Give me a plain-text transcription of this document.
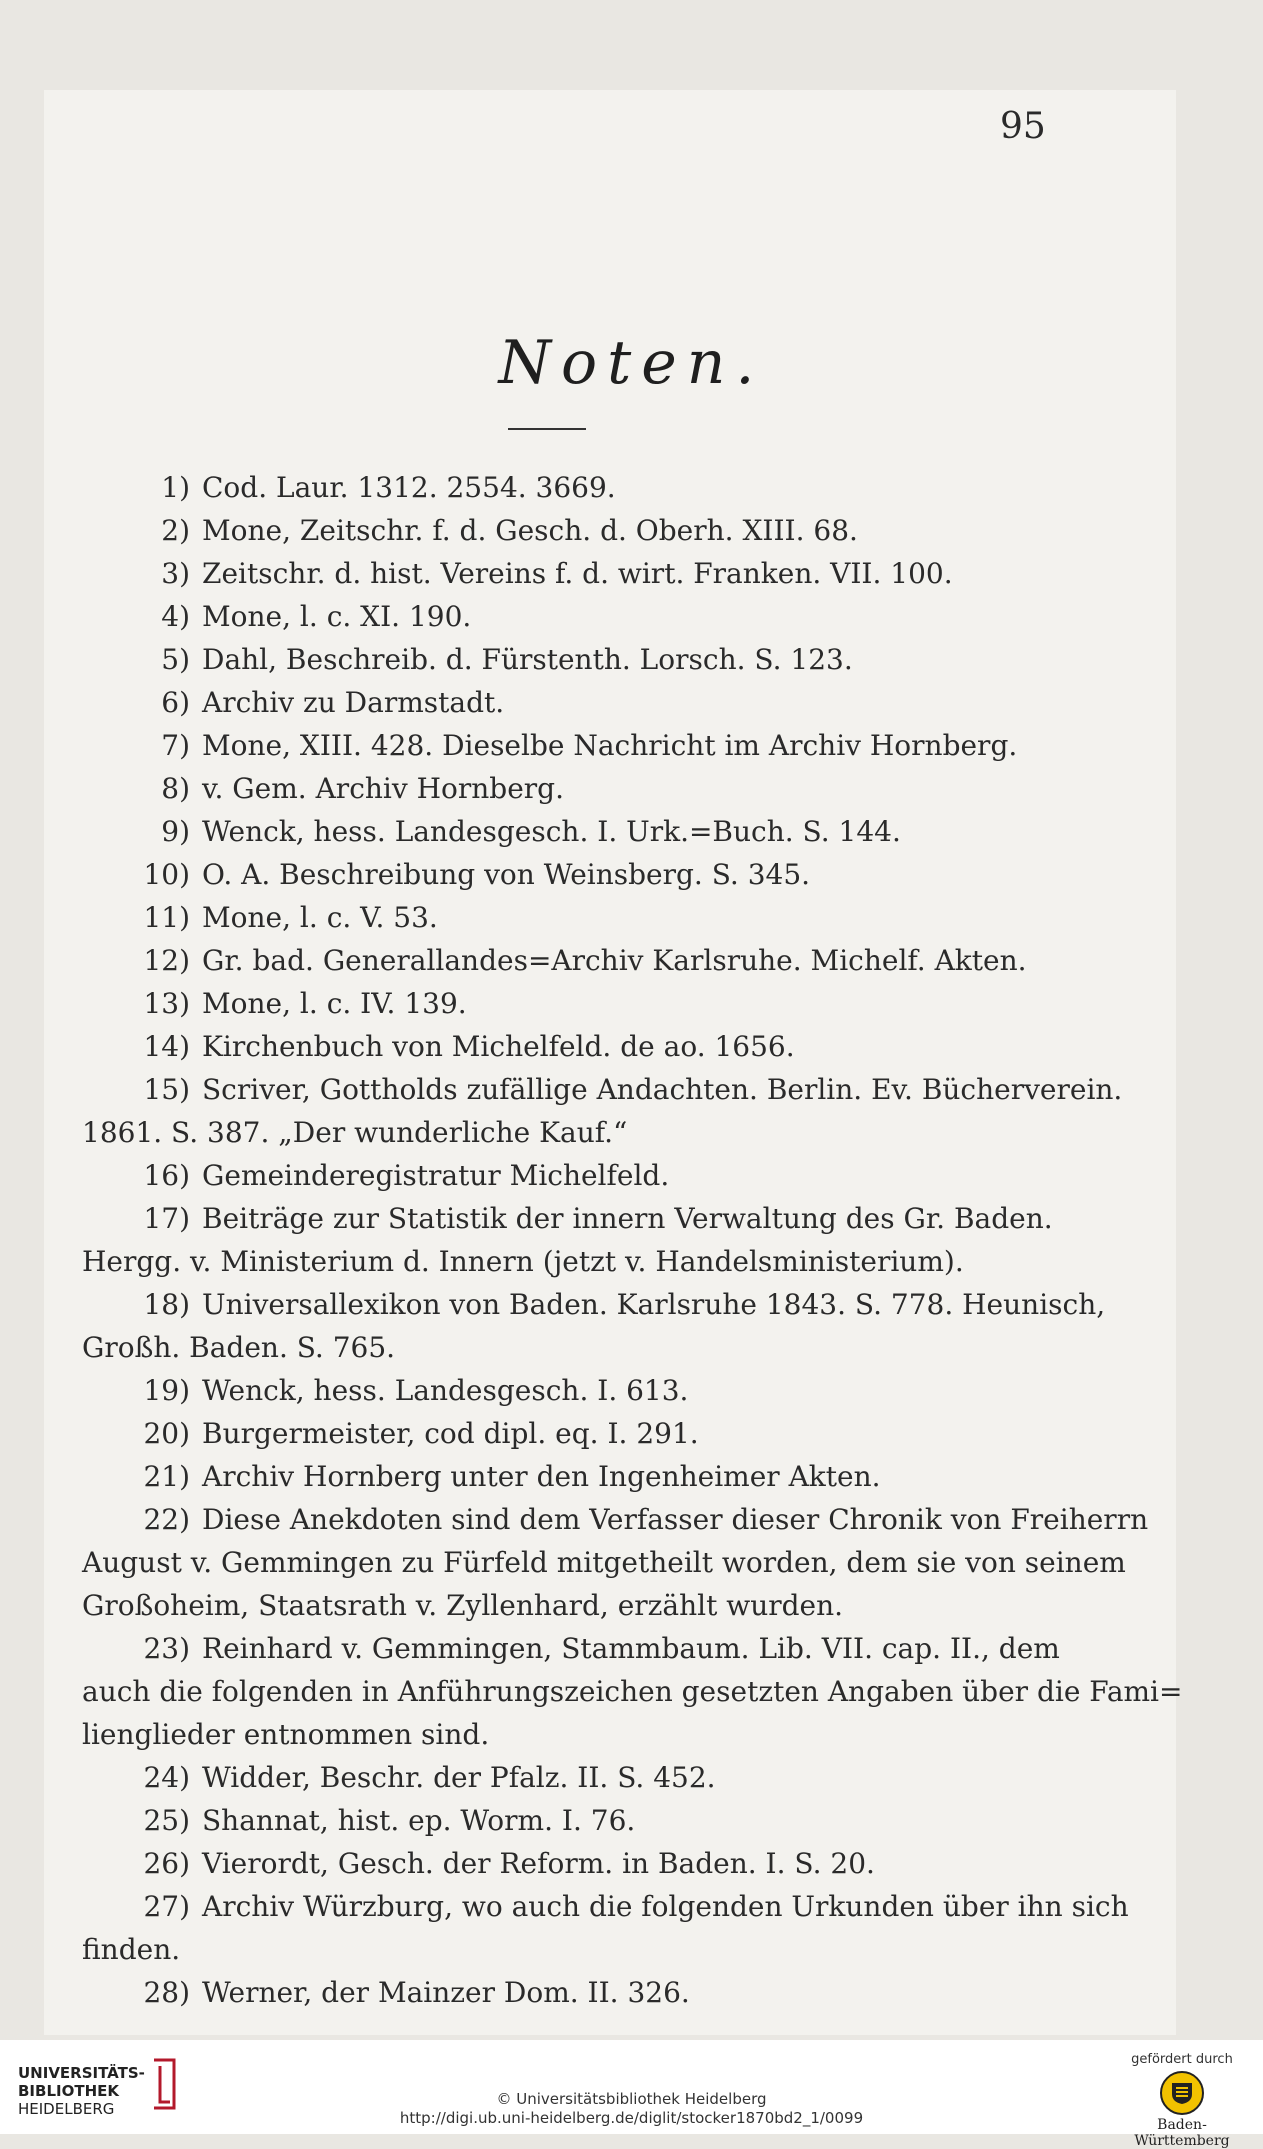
95
Noten.
1) Cod. Laur. 1312. 2554. 3669.
2) Mone, Zeitschr. f. d. Gesch. d. Oberh. XIII. 68.
3) Zeitschr. d. hist. Vereins f. d. wirt. Franken. VII. 100.
4) Mone, l. c. XI. 190.
5) Dahl, Beschreib. d. Fürstenth. Lorsch. S. 123.
6) Archiv zu Darmstadt.
7) Mone, XIII. 428. Dieselbe Nachricht im Archiv Hornberg.
8) v. Gem. Archiv Hornberg.
9) Wenck, hess. Landesgesch. I. Urk.=Buch. S. 144.
10) O. A. Beschreibung von Weinsberg. S. 345.
11) Mone, l. c. V. 53.
12) Gr. bad. Generallandes=Archiv Karlsruhe. Michelf. Akten.
13) Mone, l. c. IV. 139.
14) Kirchenbuch von Michelfeld. de ao. 1656.
15) Scriver, Gottholds zufällige Andachten. Berlin. Ev. Bücherverein.
1861. S. 387. „Der wunderliche Kauf.“
16) Gemeinderegistratur Michelfeld.
17) Beiträge zur Statistik der innern Verwaltung des Gr. Baden.
Hergg. v. Ministerium d. Innern (jetzt v. Handelsministerium).
18) Universallexikon von Baden. Karlsruhe 1843. S. 778. Heunisch,
Großh. Baden. S. 765.
19) Wenck, hess. Landesgesch. I. 613.
20) Burgermeister, cod dipl. eq. I. 291.
21) Archiv Hornberg unter den Ingenheimer Akten.
22) Diese Anekdoten sind dem Verfasser dieser Chronik von Freiherrn
August v. Gemmingen zu Fürfeld mitgetheilt worden, dem sie von seinem
Großoheim, Staatsrath v. Zyllenhard, erzählt wurden.
23) Reinhard v. Gemmingen, Stammbaum. Lib. VII. cap. II., dem
auch die folgenden in Anführungszeichen gesetzten Angaben über die Fami=
lienglieder entnommen sind.
24) Widder, Beschr. der Pfalz. II. S. 452.
25) Shannat, hist. ep. Worm. I. 76.
26) Vierordt, Gesch. der Reform. in Baden. I. S. 20.
27) Archiv Würzburg, wo auch die folgenden Urkunden über ihn sich
finden.
28) Werner, der Mainzer Dom. II. 326.
UNIVERSITÄTS-
BIBLIOTHEK
HEIDELBERG
© Universitätsbibliothek Heidelberg
http://digi.ub.uni-heidelberg.de/diglit/stocker1870bd2_1/0099
gefördert durch
Baden-Württemberg
